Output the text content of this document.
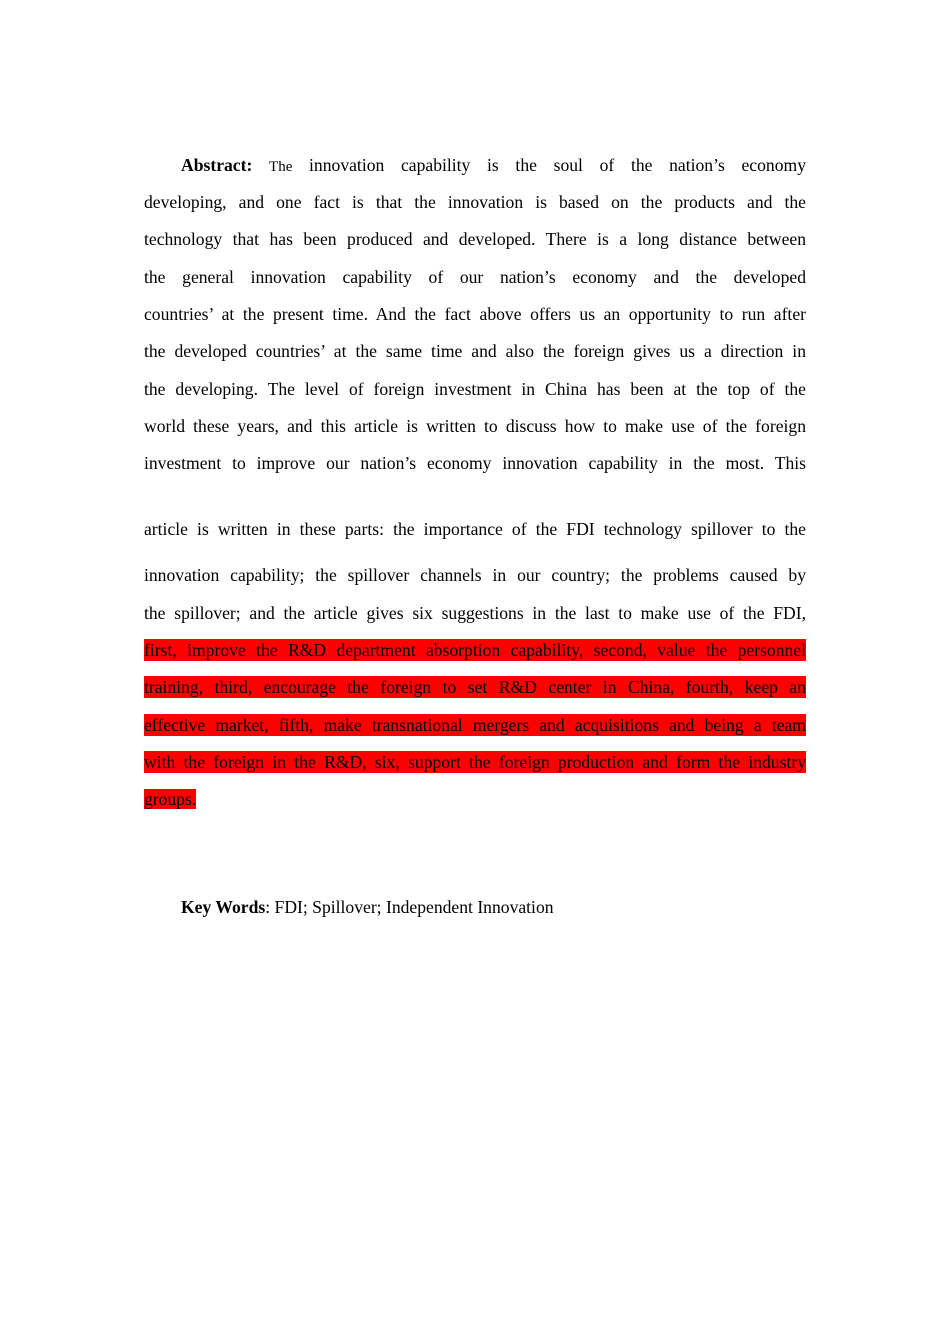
Abstract: The innovation capability is the soul of the nation’s economy
developing, and one fact is that the innovation is based on the products and the
technology that has been produced and developed. There is a long distance between
the general innovation capability of our nation’s economy and the developed
countries’ at the present time. And the fact above offers us an opportunity to run after
the developed countries’ at the same time and also the foreign gives us a direction in
the developing. The level of foreign investment in China has been at the top of the
world these years, and this article is written to discuss how to make use of the foreign
investment to improve our nation’s economy innovation capability in the most. This
article is written in these parts: the importance of the FDI technology spillover to the
innovation capability; the spillover channels in our country; the problems caused by
the spillover; and the article gives six suggestions in the last to make use of the FDI,
first, improve the R&D department absorption capability, second, value the personnel
training, third, encourage the foreign to set R&D center in China, fourth, keep an
effective market, fifth, make transnational mergers and acquisitions and being a team
with the foreign in the R&D, six, support the foreign production and form the industry
groups.
Key Words: FDI; Spillover; Independent Innovation
